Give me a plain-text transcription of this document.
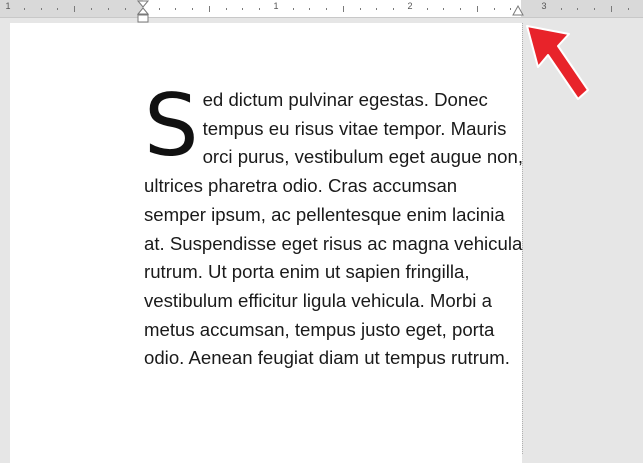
1	1	2	3

Sed dictum pulvinar egestas. Donec tempus eu risus vitae tempor. Mauris orci purus, vestibulum eget augue non, ultrices pharetra odio. Cras accumsan semper ipsum, ac pellentesque enim lacinia at. Suspendisse eget risus ac magna vehicula rutrum. Ut porta enim ut sapien fringilla, vestibulum efficitur ligula vehicula. Morbi a metus accumsan, tempus justo eget, porta odio. Aenean feugiat diam ut tempus rutrum.
